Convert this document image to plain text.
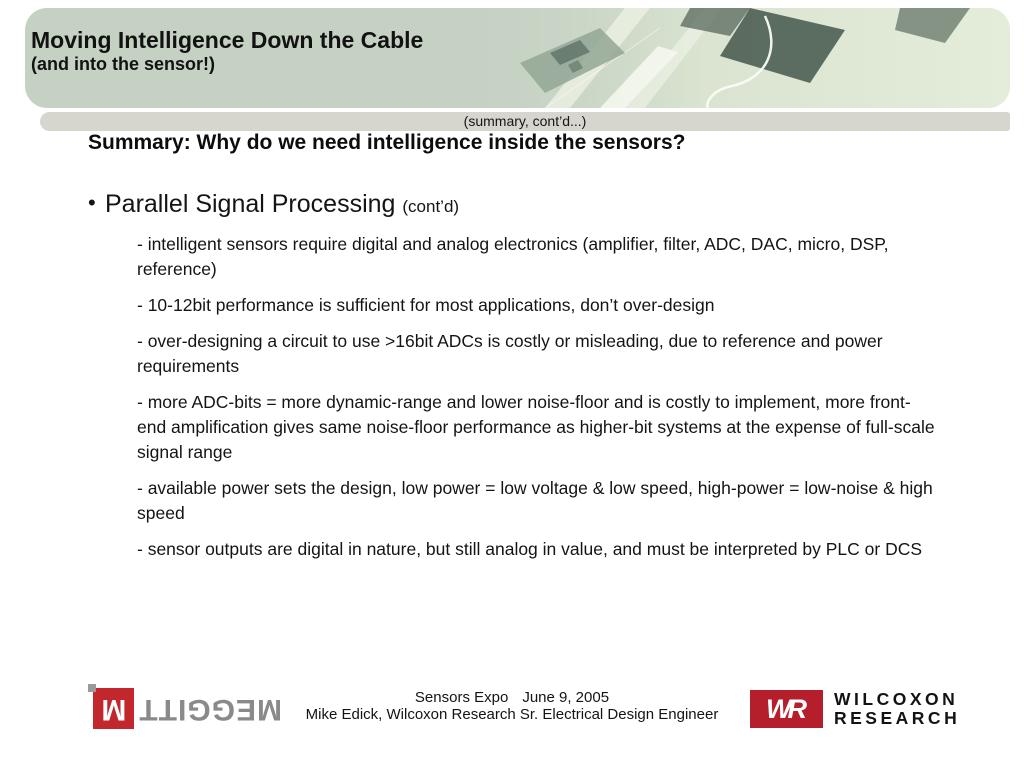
Moving Intelligence Down the Cable
(and into the sensor!)
(summary, cont’d...)
Summary: Why do we need intelligence inside the sensors?
• Parallel Signal Processing (cont’d)

- intelligent sensors require digital and analog electronics (amplifier, filter, ADC, DAC, micro, DSP, reference)

- 10-12bit performance is sufficient for most applications, don’t over-design

- over-designing a circuit to use >16bit ADCs is costly or misleading, due to reference and power requirements

- more ADC-bits = more dynamic-range and lower noise-floor and is costly to implement, more front-end amplification gives same noise-floor performance as higher-bit systems at the expense of full-scale signal range

- available power sets the design, low power = low voltage & low speed, high-power = low-noise & high speed

- sensor outputs are digital in nature, but still analog in value, and must be interpreted by PLC or DCS

MEGGITT
M	Sensors Expo June 9, 2005
Mike Edick, Wilcoxon Research Sr. Electrical Design Engineer	WR WILCOXON
RESEARCH
